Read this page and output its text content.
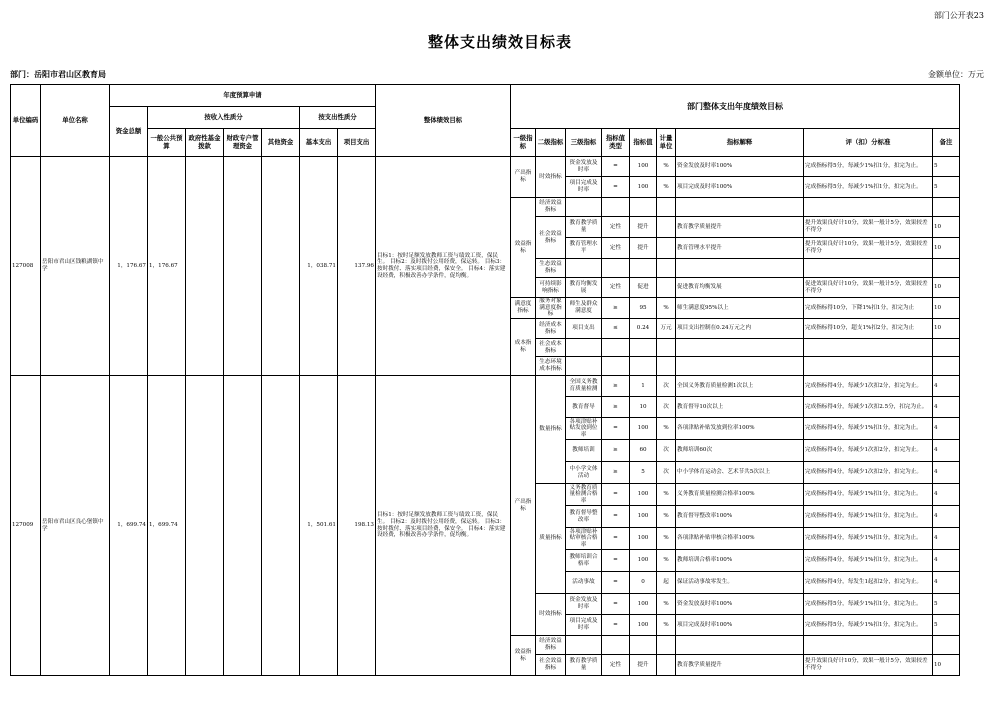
部门公开表23
整体支出绩效目标表
部门：岳阳市君山区教育局	金额单位：万元
单位编码	单位名称	年度预算申请							整体绩效目标	部门整体支出年度绩效目标								
		资金总额	按收入性质分				按支出性质分											
			一般公共预算	政府性基金拨款	财政专户管理资金	其他资金	基本支出	项目支出		一级指标	二级指标	三级指标	指标值类型	指标值	计量单位	指标解释	评（扣）分标准	备注
127008	岳阳市君山区钱粮湖镇中学	1，176.67	1，176.67				1，038.71	137.96	目标1：按时足额发放教师工资与绩效工资，保民生。 目标2：及时拨付公用经费，保运转。 目标3：按时拨付、落实项目经费，保安全。 目标4：落实建设经费，积极改善办学条件，促均衡。	产出指标	时效指标	资金发放及时率	=	100	%	资金发放及时率100%	完成指标得5分，每减少1%扣1分，扣完为止。	5
												项目完成及时率	=	100	%	项目完成及时率100%	完成指标得5分，每减少1%扣1分，扣完为止。	5
										效益指标	经济效益指标							
											社会效益指标	教育教学质量	定性	提升		教育教学质量提升	提升效果良好计10分，效果一般计5分，效果较差不得分	10
												教育管理水平	定性	提升		教育管理水平提升	提升效果良好计10分，效果一般计5分，效果较差不得分	10
											生态效益指标							
											可持续影响指标	教育均衡发展	定性	促进		促进教育均衡发展	促进效果良好计10分，效果一般计5分，效果较差不得分	10
										满意度指标	服务对象满意度指标	师生及群众满意度	≥	95	%	师生满意度95%以上	完成指标得10分，下降1%扣1分，扣完为止	10
										成本指标	经济成本指标	项目支出	≤	0.24	万元	项目支出控制在0.24万元之内	完成指标得10分，超支1%扣2分，扣完为止	10
											社会成本指标							
											生态环境成本指标							
127009	岳阳市君山区良心堡镇中学	1，699.74	1，699.74				1，501.61	198.13	目标1：按时足额发放教师工资与绩效工资，保民生。 目标2：及时拨付公用经费，保运转。 目标3：按时拨付、落实项目经费，保安全。 目标4：落实建设经费，积极改善办学条件，促均衡。	产出指标	数量指标	全国义务教育质量检测	≥	1	次	全国义务教育质量检测1次以上	完成指标得4分，每减少1次扣2分，扣完为止。	4
												教育督导	≥	10	次	教育督导10次以上	完成指标得4分，每减少1次扣2.5分，扣完为止。	4
												各项津贴补贴发放到位率	=	100	%	各项津贴补贴发放到位率100%	完成指标得4分，每减少1%扣1分，扣完为止。	4
												教师培训	≥	60	次	教师培训60次	完成指标得4分，每减少1次扣2分，扣完为止。	4
												中小学文体活动	≥	5	次	中小学体育运动会、艺术节共5次以上	完成指标得4分，每减少1次扣2分，扣完为止。	4
											质量指标	义务教育质量检测合格率	=	100	%	义务教育质量检测合格率100%	完成指标得4分，每减少1%扣1分，扣完为止。	4
												教育督导整改率	=	100	%	教育督导整改率100%	完成指标得4分，每减少1%扣1分，扣完为止。	4
												各项津贴补贴审核合格率	=	100	%	各项津贴补贴审核合格率100%	完成指标得4分，每减少1%扣1分，扣完为止。	4
												教师培训合格率	=	100	%	教师培训合格率100%	完成指标得4分，每减少1%扣1分，扣完为止。	4
												活动事故	=	0	起	保证活动事故零发生。	完成指标得4分，每发生1起扣2分，扣完为止。	4
											时效指标	资金发放及时率	=	100	%	资金发放及时率100%	完成指标得5分，每减少1%扣1分，扣完为止。	5
												项目完成及时率	=	100	%	项目完成及时率100%	完成指标得5分，每减少1%扣1分，扣完为止。	5
										效益指标	经济效益指标							
											社会效益指标	教育教学质量	定性	提升		教育教学质量提升	提升效果良好计10分，效果一般计5分，效果较差不得分	10
